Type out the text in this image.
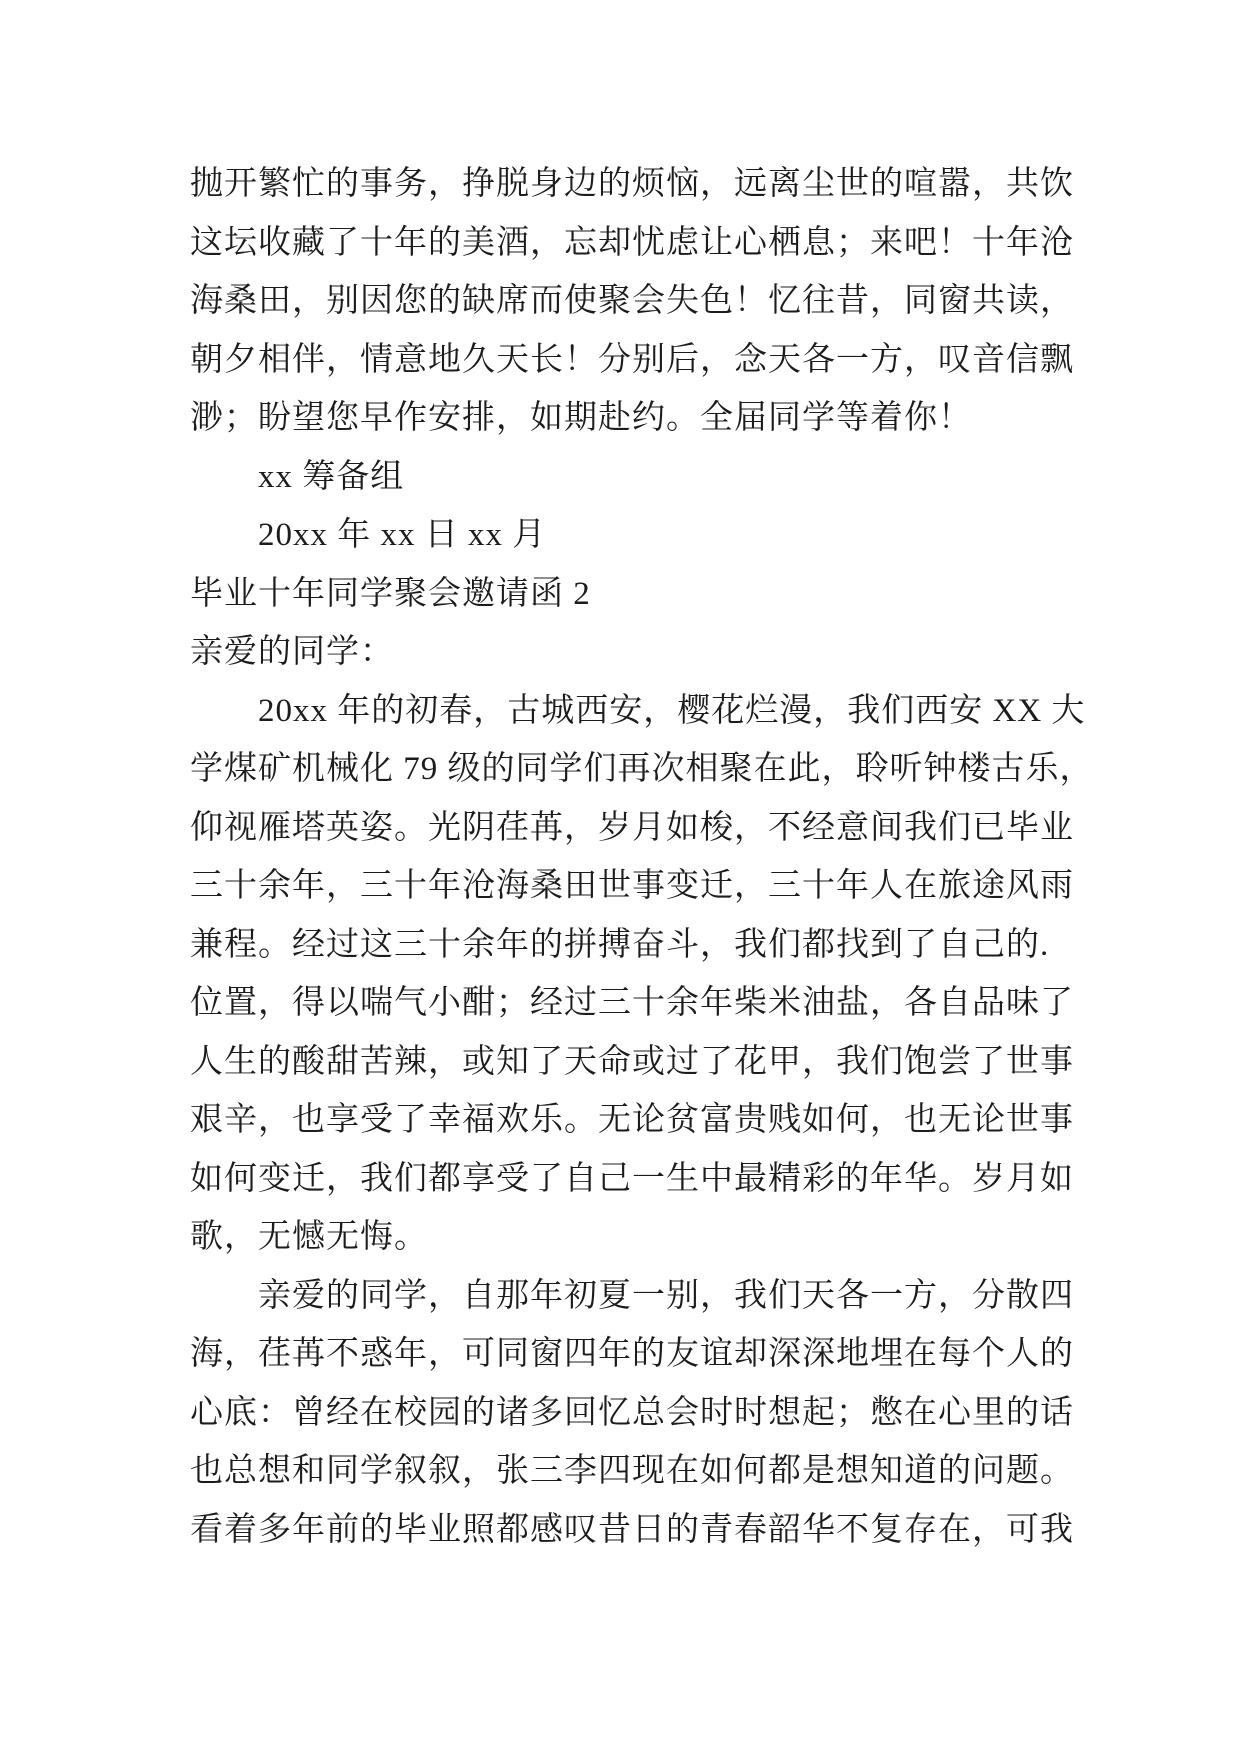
抛开繁忙的事务，挣脱身边的烦恼，远离尘世的喧嚣，共饮
这坛收藏了十年的美酒，忘却忧虑让心栖息；来吧！十年沧
海桑田，别因您的缺席而使聚会失色！忆往昔，同窗共读，
朝夕相伴，情意地久天长！分别后，念天各一方，叹音信飘
渺；盼望您早作安排，如期赴约。全届同学等着你！
xx 筹备组
20xx 年 xx 日 xx 月
毕业十年同学聚会邀请函 2
亲爱的同学：
20xx 年的初春，古城西安，樱花烂漫，我们西安 XX 大
学煤矿机械化 79 级的同学们再次相聚在此，聆听钟楼古乐，
仰视雁塔英姿。光阴荏苒，岁月如梭，不经意间我们已毕业
三十余年，三十年沧海桑田世事变迁，三十年人在旅途风雨
兼程。经过这三十余年的拼搏奋斗，我们都找到了自己的.
位置，得以喘气小酣；经过三十余年柴米油盐，各自品味了
人生的酸甜苦辣，或知了天命或过了花甲，我们饱尝了世事
艰辛，也享受了幸福欢乐。无论贫富贵贱如何，也无论世事
如何变迁，我们都享受了自己一生中最精彩的年华。岁月如
歌，无憾无悔。
亲爱的同学，自那年初夏一别，我们天各一方，分散四
海，荏苒不惑年，可同窗四年的友谊却深深地埋在每个人的
心底：曾经在校园的诸多回忆总会时时想起；憋在心里的话
也总想和同学叙叙，张三李四现在如何都是想知道的问题。
看着多年前的毕业照都感叹昔日的青春韶华不复存在，可我
